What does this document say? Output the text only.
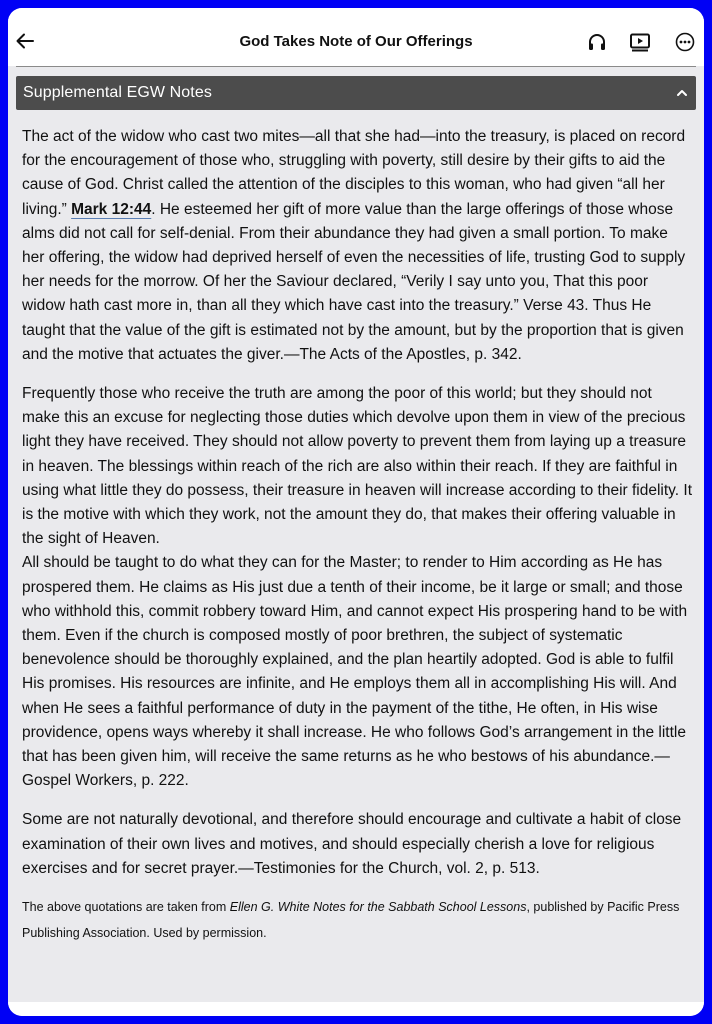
God Takes Note of Our Offerings
Supplemental EGW Notes

The act of the widow who cast two mites—all that she had—into the treasury, is placed on record for the encouragement of those who, struggling with poverty, still desire by their gifts to aid the cause of God. Christ called the attention of the disciples to this woman, who had given “all her living.” Mark 12:44. He esteemed her gift of more value than the large offerings of those whose alms did not call for self-denial. From their abundance they had given a small portion. To make her offering, the widow had deprived herself of even the necessities of life, trusting God to supply her needs for the morrow. Of her the Saviour declared, “Verily I say unto you, That this poor widow hath cast more in, than all they which have cast into the treasury.” Verse 43. Thus He taught that the value of the gift is estimated not by the amount, but by the proportion that is given and the motive that actuates the giver.—The Acts of the Apostles, p. 342.

Frequently those who receive the truth are among the poor of this world; but they should not make this an excuse for neglecting those duties which devolve upon them in view of the precious light they have received. They should not allow poverty to prevent them from laying up a treasure in heaven. The blessings within reach of the rich are also within their reach. If they are faithful in using what little they do possess, their treasure in heaven will increase according to their fidelity. It is the motive with which they work, not the amount they do, that makes their offering valuable in the sight of Heaven.

All should be taught to do what they can for the Master; to render to Him according as He has prospered them. He claims as His just due a tenth of their income, be it large or small; and those who withhold this, commit robbery toward Him, and cannot expect His prospering hand to be with them. Even if the church is composed mostly of poor brethren, the subject of systematic benevolence should be thoroughly explained, and the plan heartily adopted. God is able to fulfil His promises. His resources are infinite, and He employs them all in accomplishing His will. And when He sees a faithful performance of duty in the payment of the tithe, He often, in His wise providence, opens ways whereby it shall increase. He who follows God’s arrangement in the little that has been given him, will receive the same returns as he who bestows of his abundance.—Gospel Workers, p. 222.

Some are not naturally devotional, and therefore should encourage and cultivate a habit of close examination of their own lives and motives, and should especially cherish a love for religious exercises and for secret prayer.—Testimonies for the Church, vol. 2, p. 513.

The above quotations are taken from Ellen G. White Notes for the Sabbath School Lessons, published by Pacific Press Publishing Association. Used by permission.
